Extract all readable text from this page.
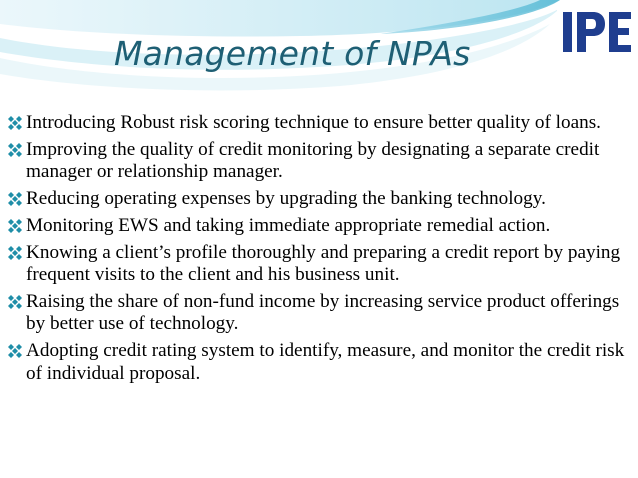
Management of NPAs
Introducing Robust risk scoring technique to ensure better quality of loans.
Improving the quality of credit monitoring by designating a separate credit manager or relationship manager.
Reducing operating expenses by upgrading the banking technology.
Monitoring EWS and taking immediate appropriate remedial action.
Knowing a client’s profile thoroughly and preparing a credit report by paying frequent visits to the client and his business unit.
Raising the share of non-fund income by increasing service product offerings by better use of technology.
Adopting credit rating system to identify, measure, and monitor the credit risk of individual proposal.
